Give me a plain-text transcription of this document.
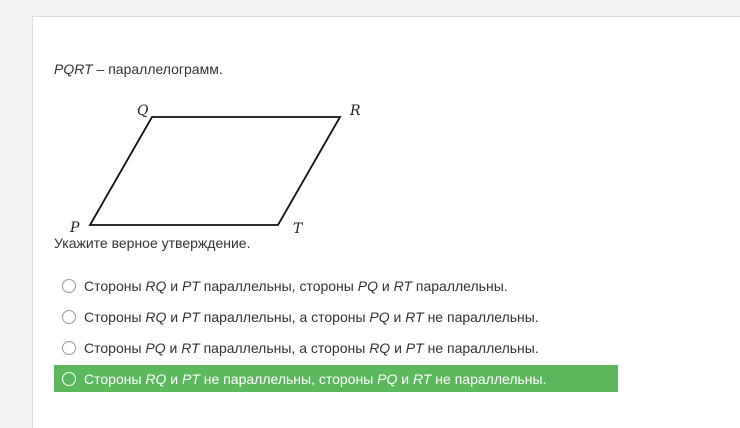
PQRT – параллелограмм.
Q	R
P	T
Укажите верное утверждение.
Стороны RQ и PT параллельны, стороны PQ и RT параллельны.
Стороны RQ и PT параллельны, а стороны PQ и RT не параллельны.
Стороны PQ и RT параллельны, а стороны RQ и PT не параллельны.
Стороны RQ и PT не параллельны, стороны PQ и RT не параллельны.
